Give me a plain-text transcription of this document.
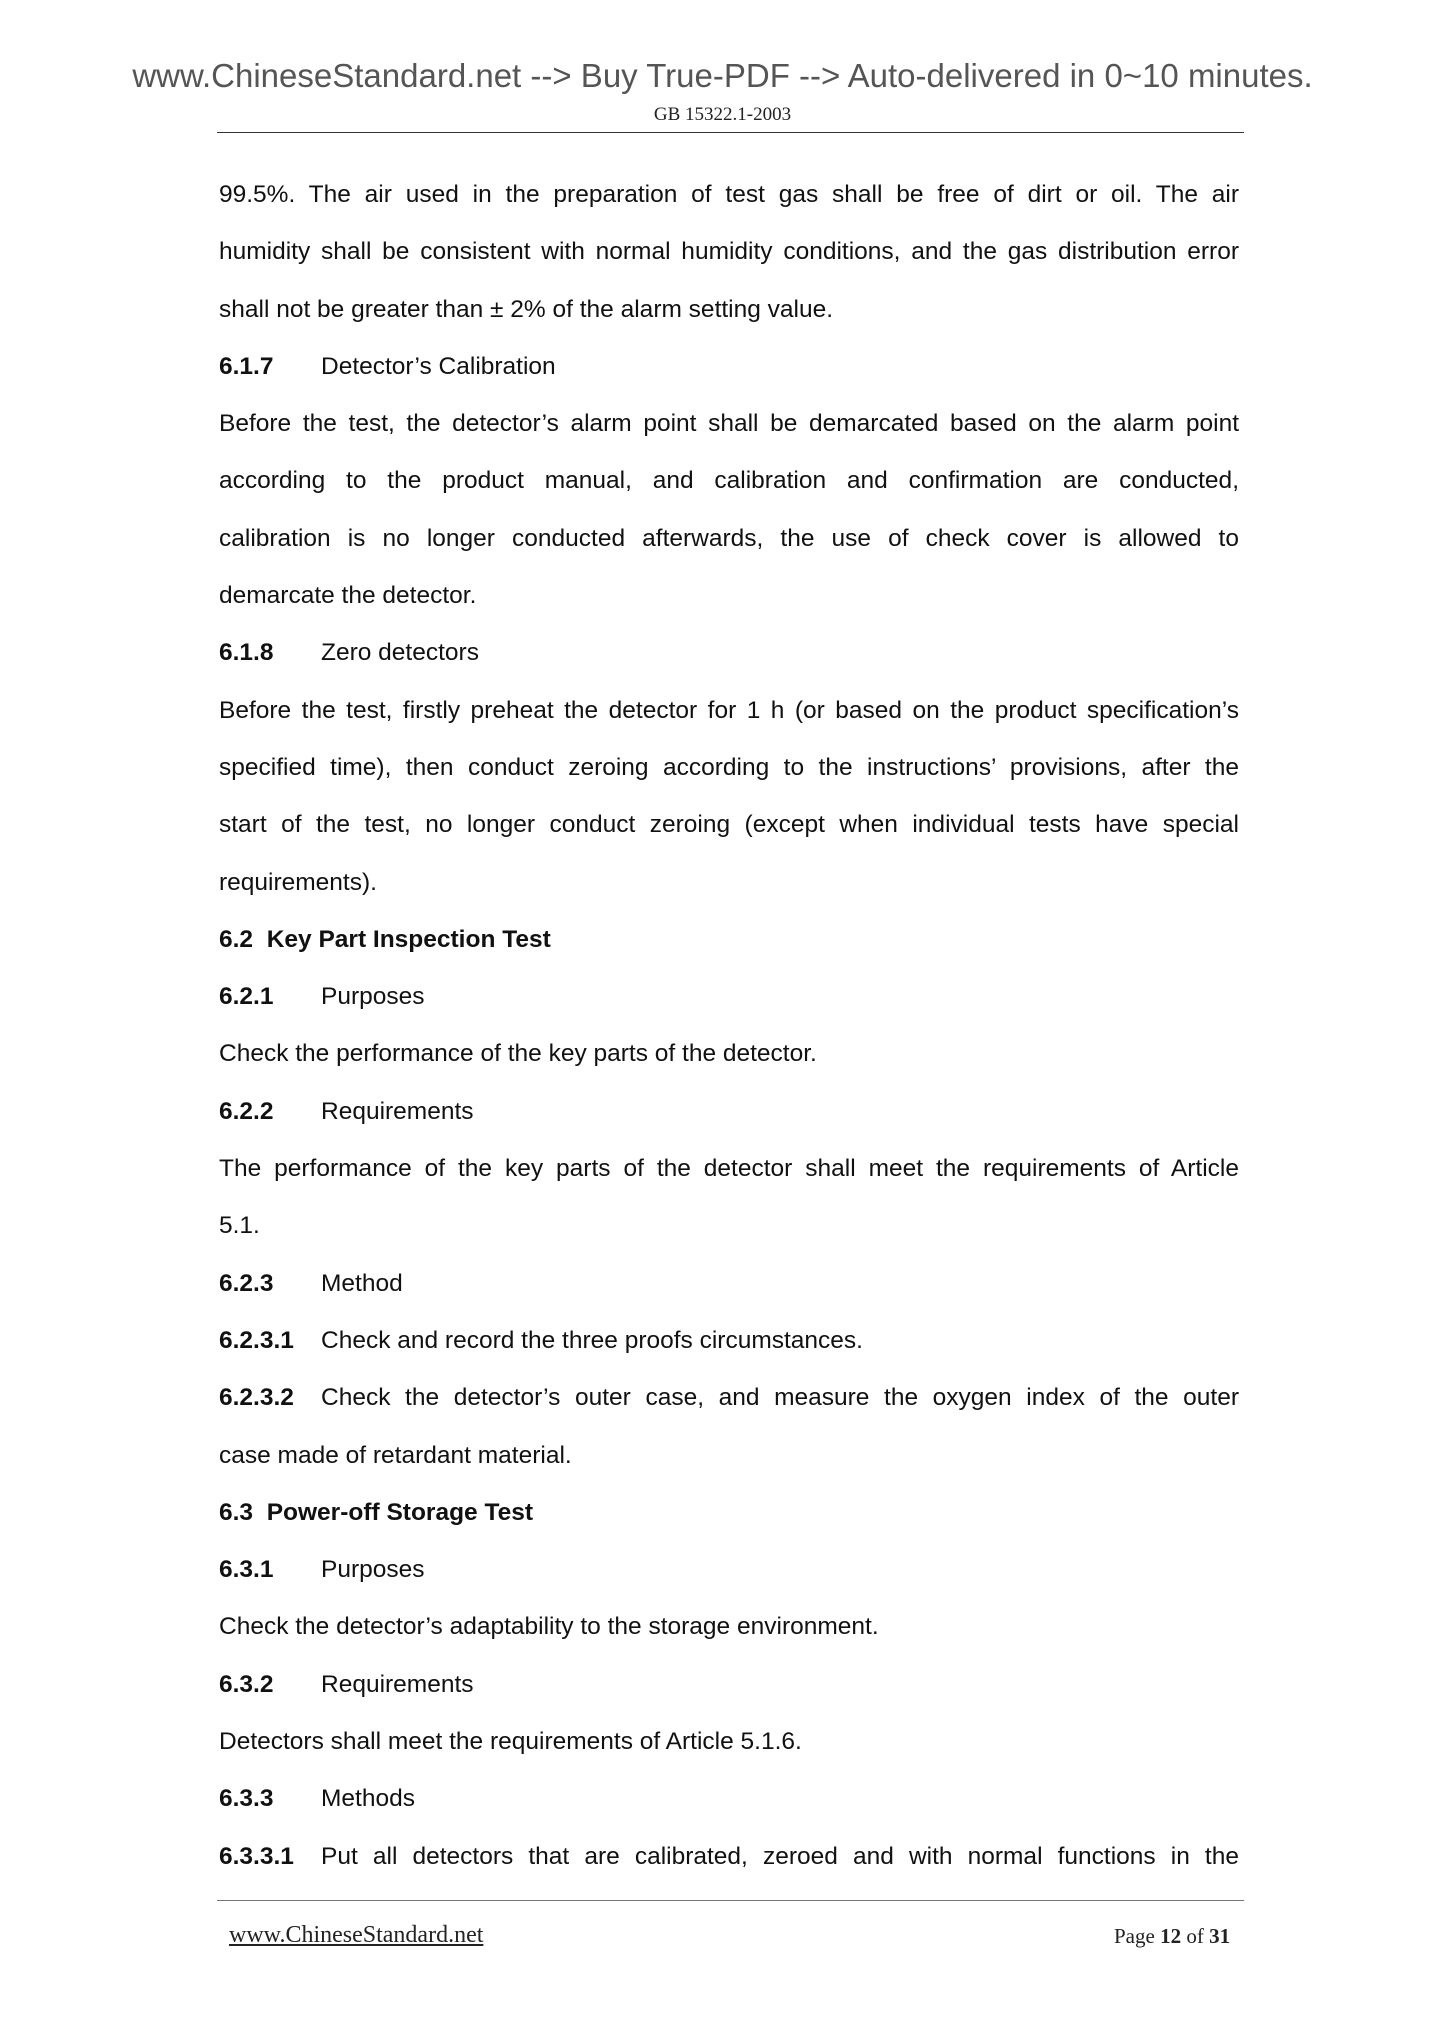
www.ChineseStandard.net --> Buy True-PDF --> Auto-delivered in 0~10 minutes.
GB 15322.1-2003
99.5%. The air used in the preparation of test gas shall be free of dirt or oil. The air
humidity shall be consistent with normal humidity conditions, and the gas distribution error
shall not be greater than ± 2% of the alarm setting value.
6.1.7 Detector’s Calibration
Before the test, the detector’s alarm point shall be demarcated based on the alarm point
according to the product manual, and calibration and confirmation are conducted,
calibration is no longer conducted afterwards, the use of check cover is allowed to
demarcate the detector.
6.1.8 Zero detectors
Before the test, firstly preheat the detector for 1 h (or based on the product specification’s
specified time), then conduct zeroing according to the instructions’ provisions, after the
start of the test, no longer conduct zeroing (except when individual tests have special
requirements).
6.2 Key Part Inspection Test
6.2.1 Purposes
Check the performance of the key parts of the detector.
6.2.2 Requirements
The performance of the key parts of the detector shall meet the requirements of Article
5.1.
6.2.3 Method
6.2.3.1 Check and record the three proofs circumstances.
6.2.3.2 Check the detector’s outer case, and measure the oxygen index of the outer
case made of retardant material.
6.3 Power-off Storage Test
6.3.1 Purposes
Check the detector’s adaptability to the storage environment.
6.3.2 Requirements
Detectors shall meet the requirements of Article 5.1.6.
6.3.3 Methods
6.3.3.1 Put all detectors that are calibrated, zeroed and with normal functions in the
www.ChineseStandard.net	Page 12 of 31
